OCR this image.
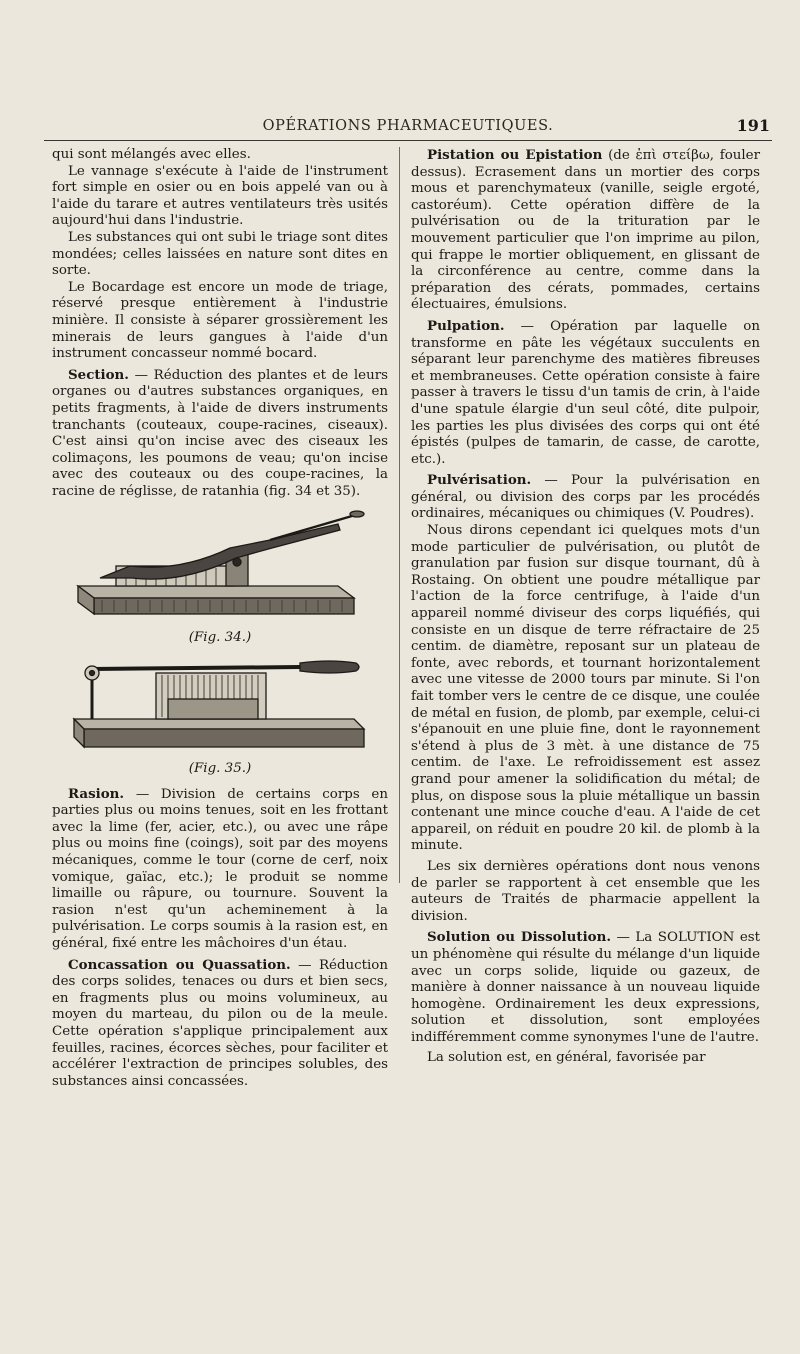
OPÉRATIONS PHARMACEUTIQUES.	191

qui sont mélangés avec elles.

Le vannage s'exécute à l'aide de l'instrument fort simple en osier ou en bois appelé van ou à l'aide du tarare et autres ventilateurs très usités aujourd'hui dans l'industrie.

Les substances qui ont subi le triage sont dites mondées; celles laissées en nature sont dites en sorte.

Le Bocardage est encore un mode de triage, réservé presque entièrement à l'industrie minière. Il consiste à séparer grossièrement les minerais de leurs gangues à l'aide d'un instrument concasseur nommé bocard.

Section. — Réduction des plantes et de leurs organes ou d'autres substances organiques, en petits fragments, à l'aide de divers instruments tranchants (couteaux, coupe-racines, ciseaux). C'est ainsi qu'on incise avec des ciseaux les colimaçons, les poumons de veau; qu'on incise avec des couteaux ou des coupe-racines, la racine de réglisse, de ratanhia (fig. 34 et 35).

(Fig. 34.)

(Fig. 35.)

Rasion. — Division de certains corps en parties plus ou moins tenues, soit en les frottant avec la lime (fer, acier, etc.), ou avec une râpe plus ou moins fine (coings), soit par des moyens mécaniques, comme le tour (corne de cerf, noix vomique, gaïac, etc.); le produit se nomme limaille ou râpure, ou tournure. Souvent la rasion n'est qu'un acheminement à la pulvérisation. Le corps soumis à la rasion est, en général, fixé entre les mâchoires d'un étau.

Concassation ou Quassation. — Réduction des corps solides, tenaces ou durs et bien secs, en fragments plus ou moins volumineux, au moyen du marteau, du pilon ou de la meule. Cette opération s'applique principalement aux feuilles, racines, écorces sèches, pour faciliter et accélérer l'extraction de principes solubles, des substances ainsi concassées.

Pistation ou Epistation (de ἐπὶ στείβω, fouler dessus). Ecrasement dans un mortier des corps mous et parenchymateux (vanille, seigle ergoté, castoréum). Cette opération diffère de la pulvérisation ou de la trituration par le mouvement particulier que l'on imprime au pilon, qui frappe le mortier obliquement, en glissant de la circonférence au centre, comme dans la préparation des cérats, pommades, certains électuaires, émulsions.

Pulpation. — Opération par laquelle on transforme en pâte les végétaux succulents en séparant leur parenchyme des matières fibreuses et membraneuses. Cette opération consiste à faire passer à travers le tissu d'un tamis de crin, à l'aide d'une spatule élargie d'un seul côté, dite pulpoir, les parties les plus divisées des corps qui ont été épistés (pulpes de tamarin, de casse, de carotte, etc.).

Pulvérisation. — Pour la pulvérisation en général, ou division des corps par les procédés ordinaires, mécaniques ou chimiques (V. Poudres).

Nous dirons cependant ici quelques mots d'un mode particulier de pulvérisation, ou plutôt de granulation par fusion sur disque tournant, dû à Rostaing. On obtient une poudre métallique par l'action de la force centrifuge, à l'aide d'un appareil nommé diviseur des corps liquéfiés, qui consiste en un disque de terre réfractaire de 25 centim. de diamètre, reposant sur un plateau de fonte, avec rebords, et tournant horizontalement avec une vitesse de 2000 tours par minute. Si l'on fait tomber vers le centre de ce disque, une coulée de métal en fusion, de plomb, par exemple, celui-ci s'épanouit en une pluie fine, dont le rayonnement s'étend à plus de 3 mèt. à une distance de 75 centim. de l'axe. Le refroidissement est assez grand pour amener la solidification du métal; de plus, on dispose sous la pluie métallique un bassin contenant une mince couche d'eau. A l'aide de cet appareil, on réduit en poudre 20 kil. de plomb à la minute.

Les six dernières opérations dont nous venons de parler se rapportent à cet ensemble que les auteurs de Traités de pharmacie appellent la division.

Solution ou Dissolution. — La SOLUTION est un phénomène qui résulte du mélange d'un liquide avec un corps solide, liquide ou gazeux, de manière à donner naissance à un nouveau liquide homogène. Ordinairement les deux expressions, solution et dissolution, sont employées indifféremment comme synonymes l'une de l'autre.

La solution est, en général, favorisée par
